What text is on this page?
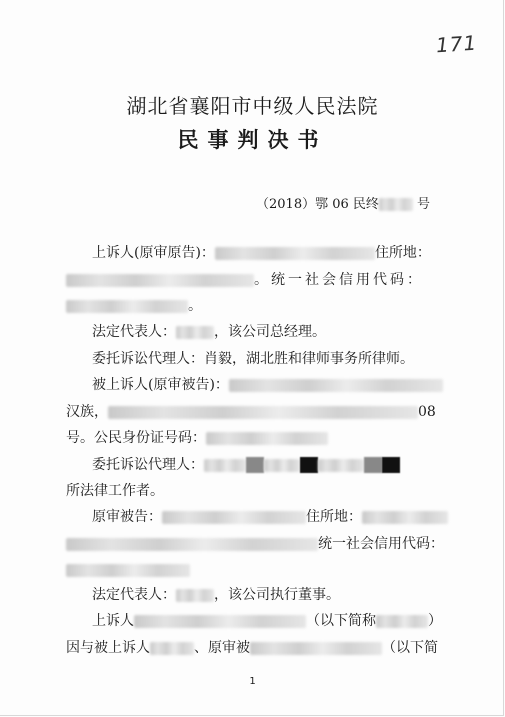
171
湖北省襄阳市中级人民法院
民事判决书
（2018）鄂 06 民终	号
上诉人(原审原告)：	住所地：
。统一社会信用代码：
。
法定代表人：	，该公司总经理。
委托诉讼代理人：肖毅，湖北胜和律师事务所律师。
被上诉人(原审被告)：
汉族，	08
号。公民身份证号码：
委托诉讼代理人：
所法律工作者。
原审被告：	住所地：
统一社会信用代码：
法定代表人：	，该公司执行董事。
上诉人	（以下简称	）
因与被上诉人	、原审被	（以下简
1
